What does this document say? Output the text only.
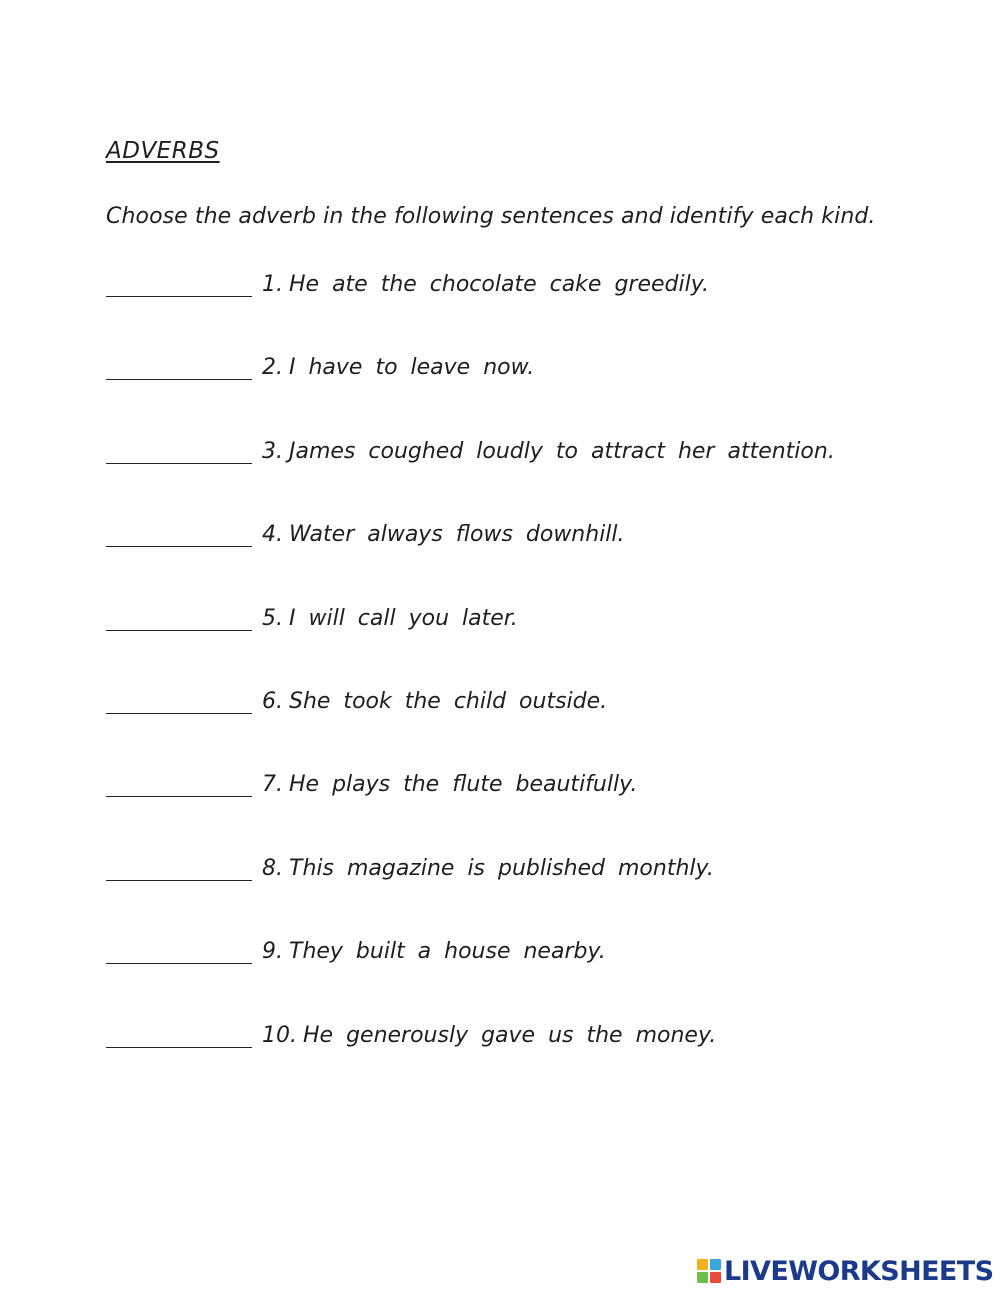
ADVERBS
Choose the adverb in the following sentences and identify each kind.
1. He ate the chocolate cake greedily.
2. I have to leave now.
3. James coughed loudly to attract her attention.
4. Water always flows downhill.
5. I will call you later.
6. She took the child outside.
7. He plays the flute beautifully.
8. This magazine is published monthly.
9. They built a house nearby.
10. He generously gave us the money.
LIVEWORKSHEETS
